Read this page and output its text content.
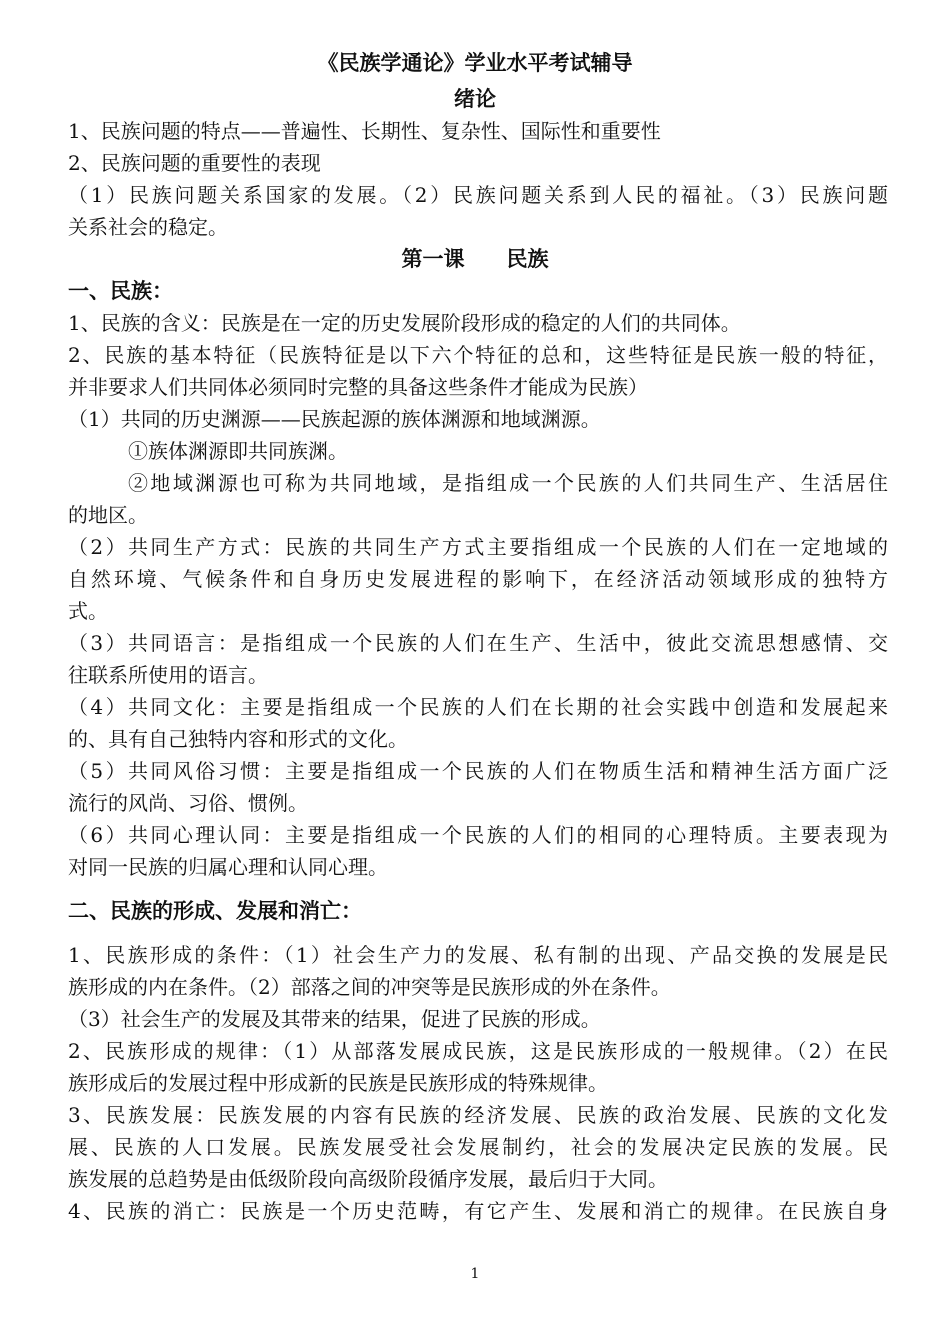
《民族学通论》学业水平考试辅导
绪论
1、民族问题的特点——普遍性、长期性、复杂性、国际性和重要性
2、民族问题的重要性的表现
（1）民族问题关系国家的发展。（2）民族问题关系到人民的福祉。（3）民族问题
关系社会的稳定。
第一课　　民族
一、民族：
1、民族的含义：民族是在一定的历史发展阶段形成的稳定的人们的共同体。
2、民族的基本特征（民族特征是以下六个特征的总和，这些特征是民族一般的特征，
并非要求人们共同体必须同时完整的具备这些条件才能成为民族）
（1）共同的历史渊源——民族起源的族体渊源和地域渊源。
①族体渊源即共同族渊。
②地域渊源也可称为共同地域，是指组成一个民族的人们共同生产、生活居住
的地区。
（2）共同生产方式：民族的共同生产方式主要指组成一个民族的人们在一定地域的
自然环境、气候条件和自身历史发展进程的影响下，在经济活动领域形成的独特方
式。
（3）共同语言：是指组成一个民族的人们在生产、生活中，彼此交流思想感情、交
往联系所使用的语言。
（4）共同文化：主要是指组成一个民族的人们在长期的社会实践中创造和发展起来
的、具有自己独特内容和形式的文化。
（5）共同风俗习惯：主要是指组成一个民族的人们在物质生活和精神生活方面广泛
流行的风尚、习俗、惯例。
（6）共同心理认同：主要是指组成一个民族的人们的相同的心理特质。主要表现为
对同一民族的归属心理和认同心理。
二、民族的形成、发展和消亡：
1、民族形成的条件：（1）社会生产力的发展、私有制的出现、产品交换的发展是民
族形成的内在条件。（2）部落之间的冲突等是民族形成的外在条件。
（3）社会生产的发展及其带来的结果，促进了民族的形成。
2、民族形成的规律：（1）从部落发展成民族，这是民族形成的一般规律。（2）在民
族形成后的发展过程中形成新的民族是民族形成的特殊规律。
3、民族发展：民族发展的内容有民族的经济发展、民族的政治发展、民族的文化发
展、民族的人口发展。民族发展受社会发展制约，社会的发展决定民族的发展。民
族发展的总趋势是由低级阶段向高级阶段循序发展，最后归于大同。
4、民族的消亡：民族是一个历史范畴，有它产生、发展和消亡的规律。在民族自身
1
